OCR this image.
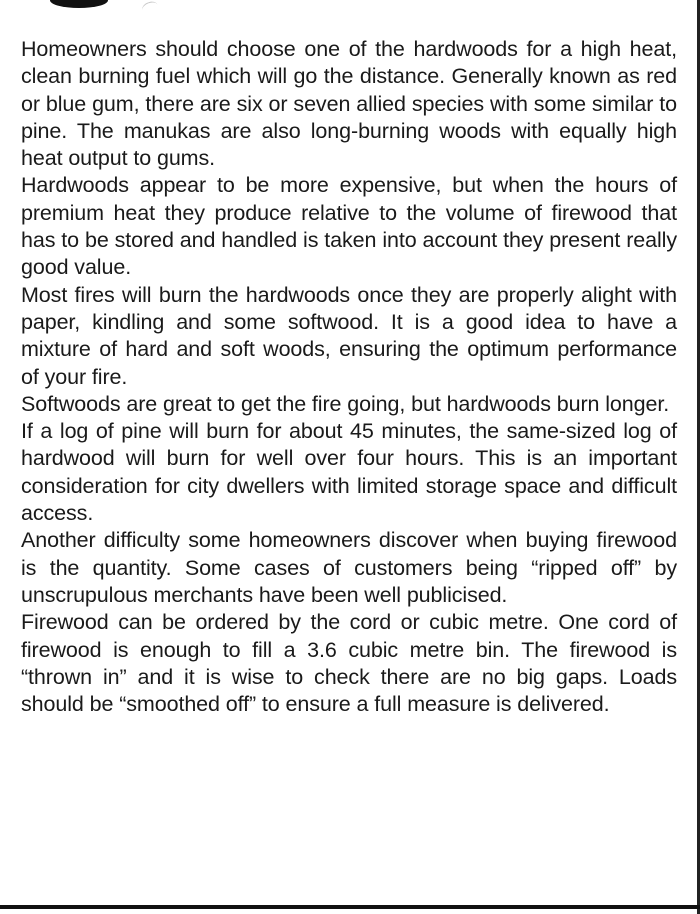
Homeowners should choose one of the hardwoods for a high heat, clean burning fuel which will go the distance. Generally known as red or blue gum, there are six or seven allied species with some similar to pine. The manukas are also long-burning woods with equally high heat output to gums.

Hardwoods appear to be more expensive, but when the hours of premium heat they produce relative to the volume of firewood that has to be stored and handled is taken into account they present really good value.

Most fires will burn the hardwoods once they are properly alight with paper, kindling and some softwood. It is a good idea to have a mixture of hard and soft woods, ensuring the optimum performance of your fire.

Softwoods are great to get the fire going, but hardwoods burn longer.

If a log of pine will burn for about 45 minutes, the same-sized log of hardwood will burn for well over four hours. This is an important consideration for city dwellers with limited storage space and difficult access.

Another difficulty some homeowners discover when buying firewood is the quantity. Some cases of customers being “ripped off” by unscrupulous merchants have been well publicised.

Firewood can be ordered by the cord or cubic metre. One cord of firewood is enough to fill a 3.6 cubic metre bin. The firewood is “thrown in” and it is wise to check there are no big gaps. Loads should be “smoothed off” to ensure a full measure is delivered.
